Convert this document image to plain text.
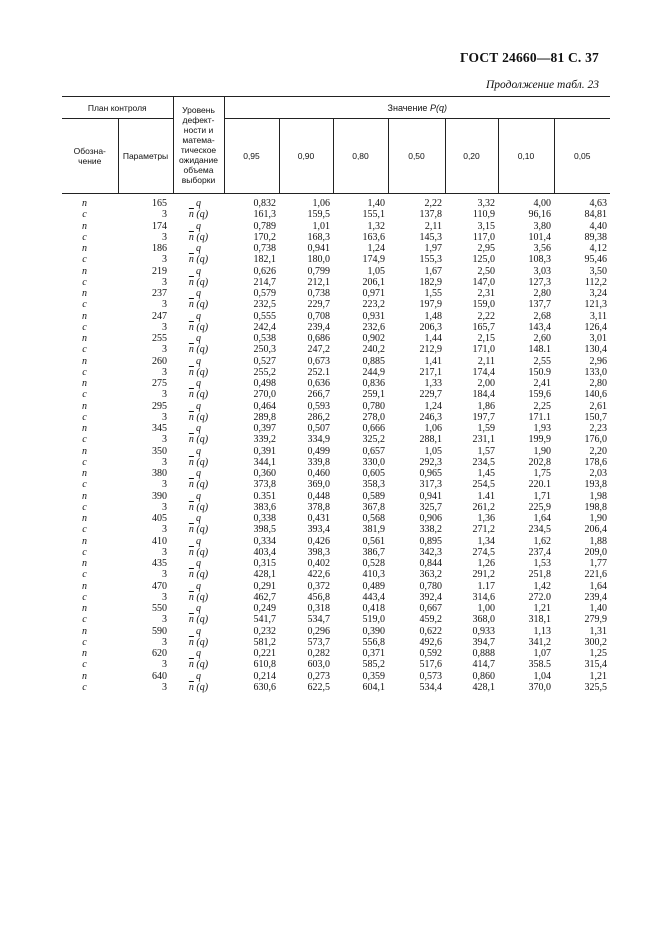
ГОСТ 24660—81 С. 37
Продолжение табл. 23
План контроля		Уровень дефект-ности и матема-тическое ожидание объема выборки	Значение P(q)						
Обозна-чение	Параметры		0,95	0,90	0,80	0,50	0,20	0,10	0,05
n	165	q	0,832	1,06	1,40	2,22	3,32	4,00	4,63
c	3	$\overline{n}$ (q)	161,3	159,5	155,1	137,8	110,9	96,16	84,81
n	174	q	0,789	1,01	1,32	2,11	3,15	3,80	4,40
c	3	$\overline{n}$ (q)	170,2	168,3	163,6	145,3	117,0	101,4	89,38
n	186	q	0,738	0,941	1,24	1,97	2,95	3,56	4,12
c	3	$\overline{n}$ (q)	182,1	180,0	174,9	155,3	125,0	108,3	95,46
n	219	q	0,626	0,799	1,05	1,67	2,50	3,03	3,50
c	3	$\overline{n}$ (q)	214,7	212,1	206,1	182,9	147,0	127,3	112,2
n	237	q	0,579	0,738	0,971	1,55	2,31	2,80	3,24
c	3	$\overline{n}$ (q)	232,5	229,7	223,2	197,9	159,0	137,7	121,3
n	247	q	0,555	0,708	0,931	1,48	2,22	2,68	3,11
c	3	$\overline{n}$ (q)	242,4	239,4	232,6	206,3	165,7	143,4	126,4
n	255	q	0,538	0,686	0,902	1,44	2,15	2,60	3,01
c	3	$\overline{n}$ (q)	250,3	247,2	240,2	212,9	171,0	148.1	130,4
n	260	q	0,527	0,673	0,885	1,41	2,11	2,55	2,96
c	3	$\overline{n}$ (q)	255,2	252.1	244,9	217,1	174,4	150.9	133,0
n	275	q	0,498	0,636	0,836	1,33	2,00	2,41	2,80
c	3	$\overline{n}$ (q)	270,0	266,7	259,1	229,7	184,4	159,6	140,6
n	295	q	0,464	0,593	0,780	1,24	1,86	2,25	2,61
c	3	$\overline{n}$ (q)	289,8	286,2	278,0	246,3	197,7	171.1	150,7
n	345	q	0,397	0,507	0,666	1,06	1,59	1,93	2,23
c	3	$\overline{n}$ (q)	339,2	334,9	325,2	288,1	231,1	199,9	176,0
n	350	q	0,391	0,499	0,657	1,05	1,57	1,90	2,20
c	3	$\overline{n}$ (q)	344,1	339,8	330,0	292,3	234,5	202,8	178,6
n	380	q	0,360	0,460	0,605	0,965	1,45	1,75	2,03
c	3	$\overline{n}$ (q)	373,8	369,0	358,3	317,3	254,5	220.1	193,8
n	390	q	0.351	0,448	0,589	0,941	1.41	1,71	1,98
c	3	$\overline{n}$ (q)	383,6	378,8	367,8	325,7	261,2	225,9	198,8
n	405	q	0,338	0,431	0,568	0,906	1,36	1,64	1,90
c	3	$\overline{n}$ (q)	398,5	393,4	381,9	338,2	271,2	234,5	206,4
n	410	q	0,334	0,426	0,561	0,895	1,34	1,62	1,88
c	3	$\overline{n}$ (q)	403,4	398,3	386,7	342,3	274,5	237,4	209,0
n	435	q	0,315	0,402	0,528	0,844	1,26	1,53	1,77
c	3	$\overline{n}$ (q)	428,1	422,6	410,3	363,2	291,2	251,8	221,6
n	470	q	0,291	0,372	0,489	0,780	1.17	1,42	1,64
c	3	$\overline{n}$ (q)	462,7	456,8	443,4	392,4	314,6	272.0	239,4
n	550	q	0,249	0,318	0,418	0,667	1,00	1,21	1,40
c	3	$\overline{n}$ (q)	541,7	534,7	519,0	459,2	368,0	318,1	279,9
n	590	q	0,232	0,296	0,390	0,622	0,933	1,13	1,31
c	3	$\overline{n}$ (q)	581,2	573,7	556,8	492,6	394,7	341,2	300,2
n	620	q	0,221	0,282	0,371	0,592	0,888	1,07	1,25
c	3	$\overline{n}$ (q)	610,8	603,0	585,2	517,6	414,7	358.5	315,4
n	640	q	0,214	0,273	0,359	0,573	0,860	1,04	1,21
c	3	$\overline{n}$ (q)	630,6	622,5	604,1	534,4	428,1	370,0	325,5
